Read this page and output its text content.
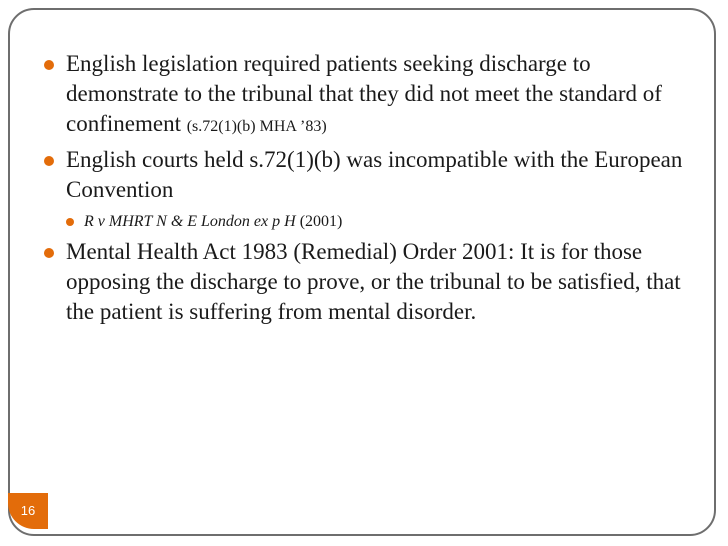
English legislation required patients seeking discharge to demonstrate to the tribunal that they did not meet the standard of confinement (s.72(1)(b) MHA ’83)
English courts held s.72(1)(b) was incompatible with the European Convention
R v MHRT N & E London ex p H (2001)
Mental Health Act 1983 (Remedial) Order 2001: It is for those opposing the discharge to prove, or the tribunal to be satisfied, that the patient is suffering from mental disorder.
16
